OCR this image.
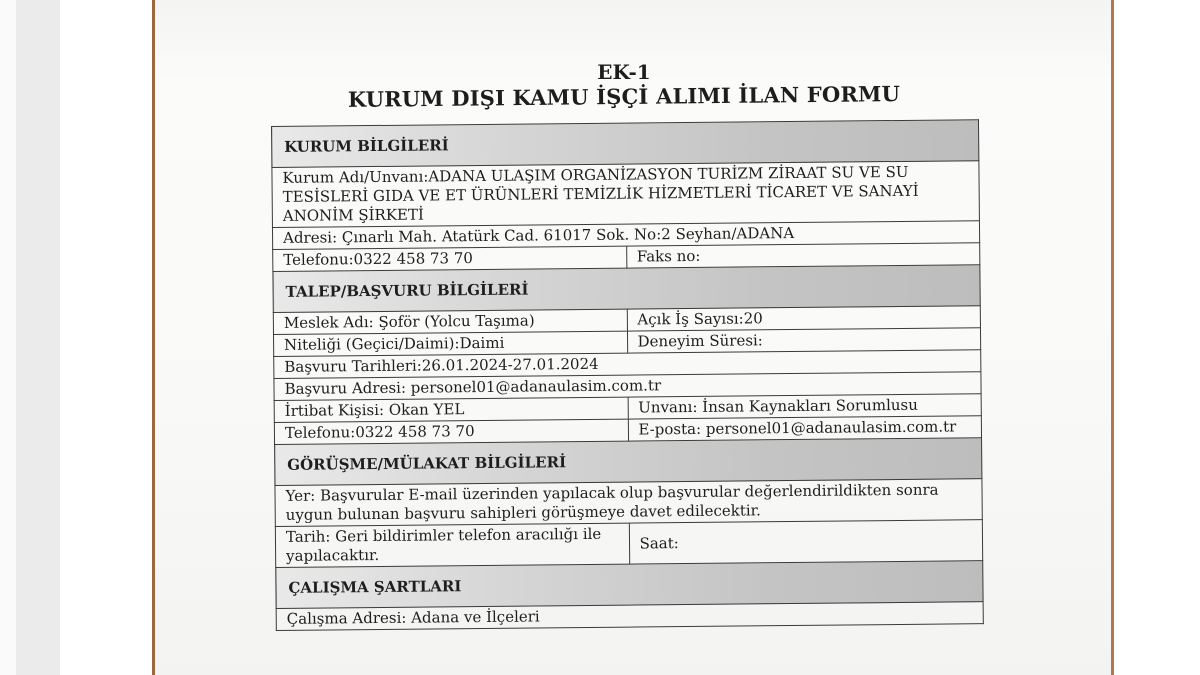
EK-1
KURUM DIŞI KAMU İŞÇİ ALIMI İLAN FORMU
KURUM BİLGİLERİ	

Kurum Adı/Unvanı:ADANA ULAŞIM ORGANİZASYON TURİZM ZİRAAT SU VE SU
TESİSLERİ GIDA VE ET ÜRÜNLERİ TEMİZLİK HİZMETLERİ TİCARET VE SANAYİ
ANONİM ŞİRKETİ	

Adresi: Çınarlı Mah. Atatürk Cad. 61017 Sok. No:2 Seyhan/ADANA	
Telefonu:0322 458 73 70	Faks no:
TALEP/BAŞVURU BİLGİLERİ	
Meslek Adı: Şoför (Yolcu Taşıma)	Açık İş Sayısı:20
Niteliği (Geçici/Daimi):Daimi	Deneyim Süresi:
Başvuru Tarihleri:26.01.2024-27.01.2024	
Başvuru Adresi: personel01@adanaulasim.com.tr	
İrtibat Kişisi: Okan YEL	Unvanı: İnsan Kaynakları Sorumlusu
Telefonu:0322 458 73 70	E-posta: personel01@adanaulasim.com.tr
GÖRÜŞME/MÜLAKAT BİLGİLERİ	

Yer: Başvurular E-mail üzerinden yapılacak olup başvurular değerlendirildikten sonra
uygun bulunan başvuru sahipleri görüşmeye davet edilecektir.	

Tarih: Geri bildirimler telefon aracılığı ile
yapılacaktır.	Saat:
ÇALIŞMA ŞARTLARI	
Çalışma Adresi: Adana ve İlçeleri	
